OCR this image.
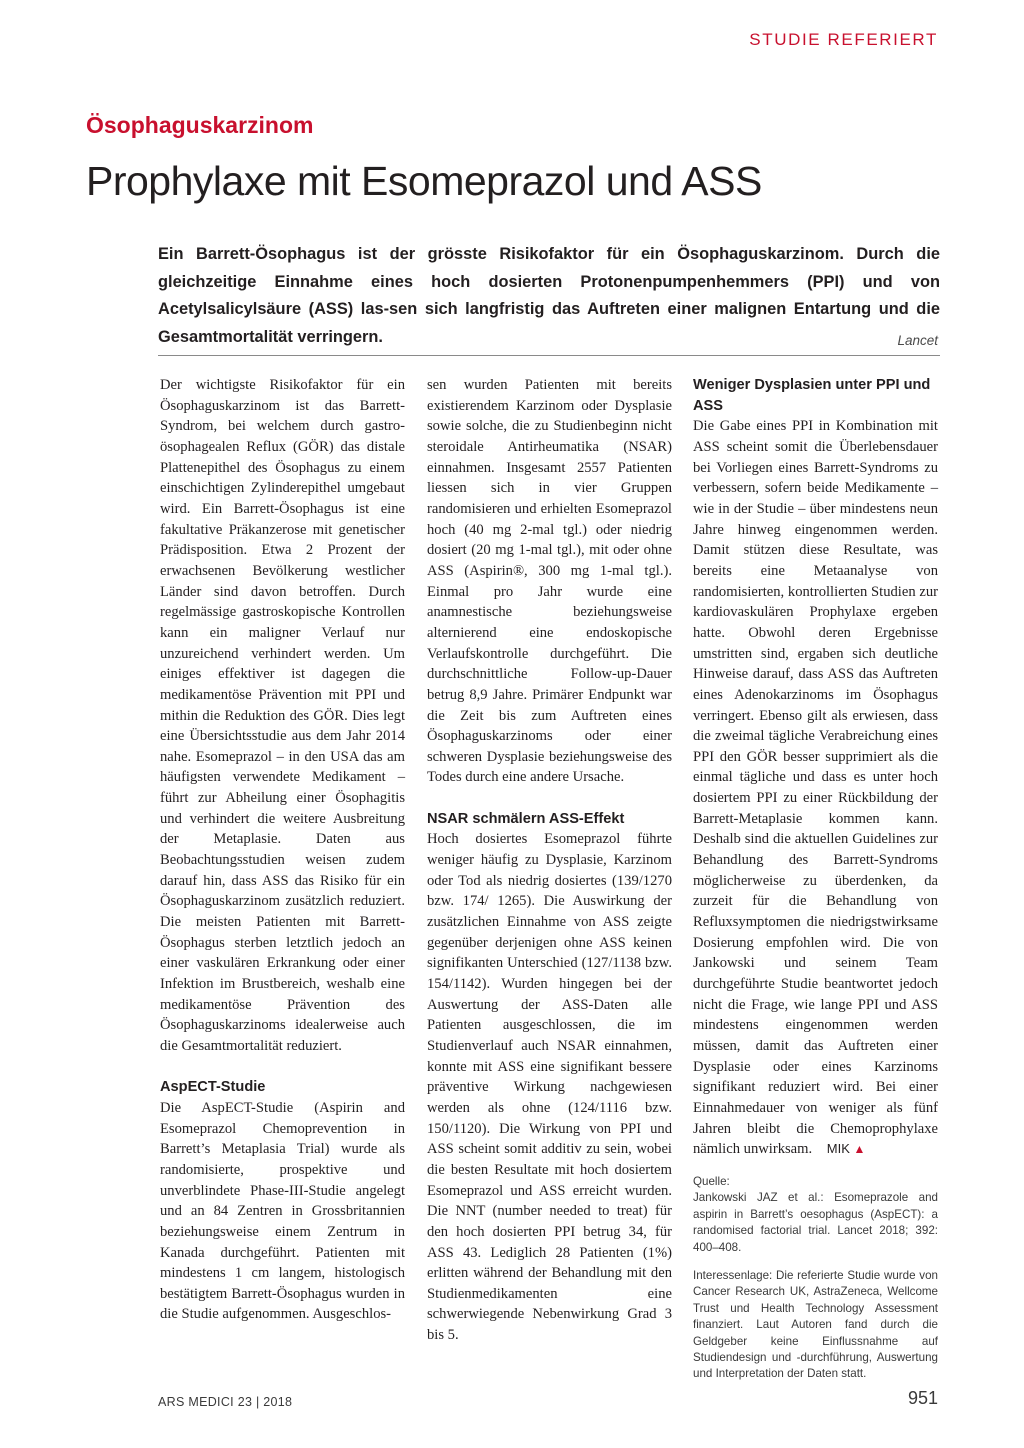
STUDIE REFERIERT
Ösophaguskarzinom
Prophylaxe mit Esomeprazol und ASS

Ein Barrett-Ösophagus ist der grösste Risikofaktor für ein Ösophaguskarzinom. Durch die gleichzeitige Einnahme eines hoch dosierten Protonenpumpenhemmers (PPI) und von Acetylsalicylsäure (ASS) las-sen sich langfristig das Auftreten einer malignen Entartung und die Gesamtmortalität verringern.	Lancet

Der wichtigste Risikofaktor für ein Ösophaguskarzinom ist das Barrett-Syndrom, bei welchem durch gastro-ösophagealen Reflux (GÖR) das distale Plattenepithel des Ösophagus zu einem einschichtigen Zylinderepithel umgebaut wird. Ein Barrett-Ösophagus ist eine fakultative Präkanzerose mit genetischer Prädisposition. Etwa 2 Prozent der erwachsenen Bevölkerung westlicher Länder sind davon betroffen. Durch regelmässige gastroskopische Kontrollen kann ein maligner Verlauf nur unzureichend verhindert werden. Um einiges effektiver ist dagegen die medikamentöse Prävention mit PPI und mithin die Reduktion des GÖR. Dies legt eine Übersichtsstudie aus dem Jahr 2014 nahe. Esomeprazol – in den USA das am häufigsten verwendete Medikament – führt zur Abheilung einer Ösophagitis und verhindert die weitere Ausbreitung der Metaplasie. Daten aus Beobachtungsstudien weisen zudem darauf hin, dass ASS das Risiko für ein Ösophaguskarzinom zusätzlich reduziert. Die meisten Patienten mit Barrett-Ösophagus sterben letztlich jedoch an einer vaskulären Erkrankung oder einer Infektion im Brustbereich, weshalb eine medikamentöse Prävention des Ösophaguskarzinoms idealerweise auch die Gesamtmortalität reduziert.

AspECT-Studie

Die AspECT-Studie (Aspirin and Esomeprazol Chemoprevention in Barrett’s Metaplasia Trial) wurde als randomisierte, prospektive und unverblindete Phase-III-Studie angelegt und an 84 Zentren in Grossbritannien beziehungsweise einem Zentrum in Kanada durchgeführt. Patienten mit mindestens 1 cm langem, histologisch bestätigtem Barrett-Ösophagus wurden in die Studie aufgenommen. Ausgeschlos-

sen wurden Patienten mit bereits existierendem Karzinom oder Dysplasie sowie solche, die zu Studienbeginn nicht steroidale Antirheumatika (NSAR) einnahmen. Insgesamt 2557 Patienten liessen sich in vier Gruppen randomisieren und erhielten Esomeprazol hoch (40 mg 2-mal tgl.) oder niedrig dosiert (20 mg 1-mal tgl.), mit oder ohne ASS (Aspirin®, 300 mg 1-mal tgl.). Einmal pro Jahr wurde eine anamnestische beziehungsweise alternierend eine endoskopische Verlaufskontrolle durchgeführt. Die durchschnittliche Follow-up-Dauer betrug 8,9 Jahre. Primärer Endpunkt war die Zeit bis zum Auftreten eines Ösophaguskarzinoms oder einer schweren Dysplasie beziehungsweise des Todes durch eine andere Ursache.

NSAR schmälern ASS-Effekt

Hoch dosiertes Esomeprazol führte weniger häufig zu Dysplasie, Karzinom oder Tod als niedrig dosiertes (139/1270 bzw. 174/ 1265). Die Auswirkung der zusätzlichen Einnahme von ASS zeigte gegenüber derjenigen ohne ASS keinen signifikanten Unterschied (127/1138 bzw. 154/1142). Wurden hingegen bei der Auswertung der ASS-Daten alle Patienten ausgeschlossen, die im Studienverlauf auch NSAR einnahmen, konnte mit ASS eine signifikant bessere präventive Wirkung nachgewiesen werden als ohne (124/1116 bzw. 150/1120). Die Wirkung von PPI und ASS scheint somit additiv zu sein, wobei die besten Resultate mit hoch dosiertem Esomeprazol und ASS erreicht wurden. Die NNT (number needed to treat) für den hoch dosierten PPI betrug 34, für ASS 43. Lediglich 28 Patienten (1%) erlitten während der Behandlung mit den Studienmedikamenten eine schwerwiegende Nebenwirkung Grad 3 bis 5.

Weniger Dysplasien unter PPI und ASS

Die Gabe eines PPI in Kombination mit ASS scheint somit die Überlebensdauer bei Vorliegen eines Barrett-Syndroms zu verbessern, sofern beide Medikamente – wie in der Studie – über mindestens neun Jahre hinweg eingenommen werden. Damit stützen diese Resultate, was bereits eine Metaanalyse von randomisierten, kontrollierten Studien zur kardiovaskulären Prophylaxe ergeben hatte. Obwohl deren Ergebnisse umstritten sind, ergaben sich deutliche Hinweise darauf, dass ASS das Auftreten eines Adenokarzinoms im Ösophagus verringert. Ebenso gilt als erwiesen, dass die zweimal tägliche Verabreichung eines PPI den GÖR besser supprimiert als die einmal tägliche und dass es unter hoch dosiertem PPI zu einer Rückbildung der Barrett-Metaplasie kommen kann. Deshalb sind die aktuellen Guidelines zur Behandlung des Barrett-Syndroms möglicherweise zu überdenken, da zurzeit für die Behandlung von Refluxsymptomen die niedrigstwirksame Dosierung empfohlen wird. Die von Jankowski und seinem Team durchgeführte Studie beantwortet jedoch nicht die Frage, wie lange PPI und ASS mindestens eingenommen werden müssen, damit das Auftreten einer Dysplasie oder eines Karzinoms signifikant reduziert wird. Bei einer Einnahmedauer von weniger als fünf Jahren bleibt die Chemoprophylaxe nämlich unwirksam. MIK ▲

Quelle:

Jankowski JAZ et al.: Esomeprazole and aspirin in Barrett’s oesophagus (AspECT): a randomised factorial trial. Lancet 2018; 392: 400–408.

Interessenlage: Die referierte Studie wurde von Cancer Research UK, AstraZeneca, Wellcome Trust und Health Technology Assessment finanziert. Laut Autoren fand durch die Geldgeber keine Einflussnahme auf Studiendesign und -durchführung, Auswertung und Interpretation der Daten statt.

ARS MEDICI 23 | 2018	951
